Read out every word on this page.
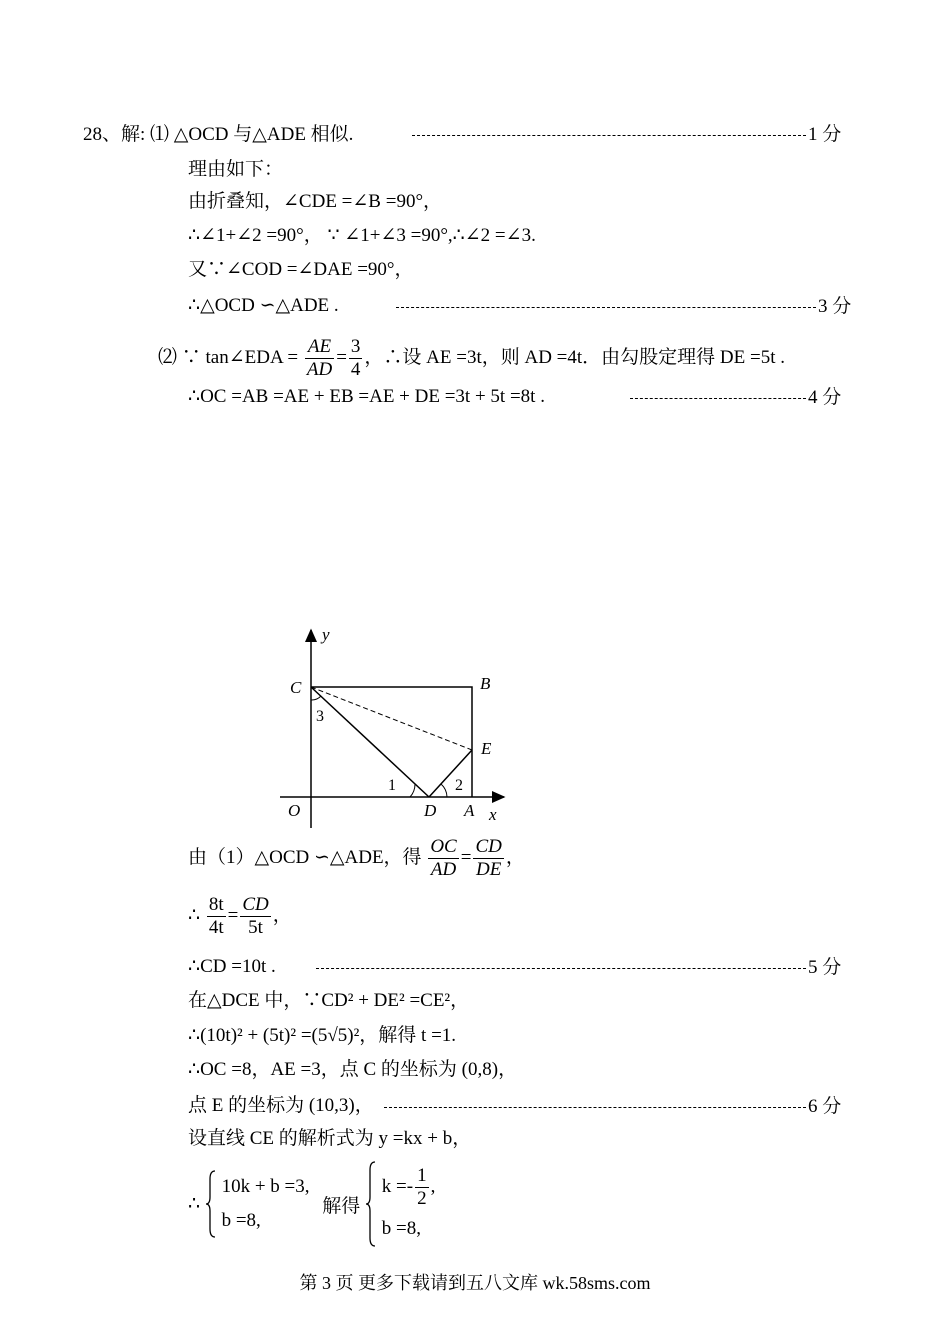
28、解: ⑴ △OCD 与△ADE 相似.	1 分
理由如下：
由折叠知，∠CDE =∠B =90°，
∴∠1+∠2 =90°， ∵ ∠1+∠3 =90°,∴∠2 =∠3.
又∵∠COD =∠DAE =90°，
∴△OCD ∽△ADE .	3 分
⑵ ∵ tan∠EDA = $\frac{AE}{AD} = \frac{3}{4}$ ，∴设 AE =3t，则 AD =4t．由勾股定理得 DE =5t .
∴OC =AB =AE + EB =AE + DE =3t + 5t =8t .	4 分
y
C	B
E
O	D A x
1	2
3
由（1）△OCD ∽△ADE，得 $\frac{OC}{AD} = \frac{CD}{DE}$ ，
∴ $\frac{8t}{4t} = \frac{CD}{5t}$ ，
∴CD =10t .	5 分
在△DCE 中，∵CD² + DE² =CE²，
∴(10t)² + (5t)² =(5√5)²，解得 t =1.
∴OC =8，AE =3，点 C 的坐标为 (0,8)，
点 E 的坐标为 (10,3)，	6 分
设直线 CE 的解析式为 y =kx + b，
∴
10k + b =3,
b =8,
解得
$k =- \frac{1}{2}$ ,
b =8,
第 3 页 更多下载请到五八文库 wk.58sms.com
